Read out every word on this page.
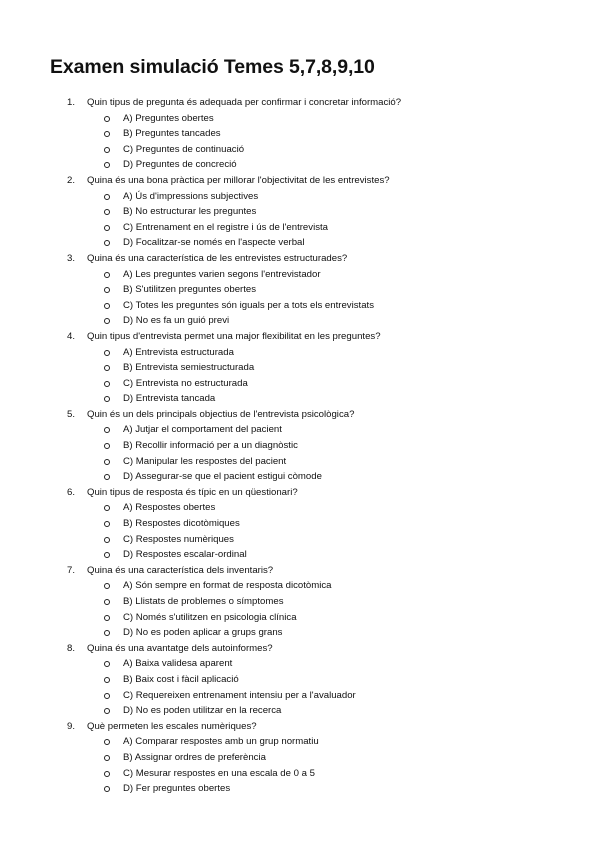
Examen simulació Temes 5,7,8,9,10
1. Quin tipus de pregunta és adequada per confirmar i concretar informació?
A) Preguntes obertes
B) Preguntes tancades
C) Preguntes de continuació
D) Preguntes de concreció
2. Quina és una bona pràctica per millorar l'objectivitat de les entrevistes?
A) Ús d'impressions subjectives
B) No estructurar les preguntes
C) Entrenament en el registre i ús de l'entrevista
D) Focalitzar-se només en l'aspecte verbal
3. Quina és una característica de les entrevistes estructurades?
A) Les preguntes varien segons l'entrevistador
B) S'utilitzen preguntes obertes
C) Totes les preguntes són iguals per a tots els entrevistats
D) No es fa un guió previ
4. Quin tipus d'entrevista permet una major flexibilitat en les preguntes?
A) Entrevista estructurada
B) Entrevista semiestructurada
C) Entrevista no estructurada
D) Entrevista tancada
5. Quin és un dels principals objectius de l'entrevista psicològica?
A) Jutjar el comportament del pacient
B) Recollir informació per a un diagnòstic
C) Manipular les respostes del pacient
D) Assegurar-se que el pacient estigui còmode
6. Quin tipus de resposta és típic en un qüestionari?
A) Respostes obertes
B) Respostes dicotòmiques
C) Respostes numèriques
D) Respostes escalar-ordinal
7. Quina és una característica dels inventaris?
A) Són sempre en format de resposta dicotòmica
B) Llistats de problemes o símptomes
C) Només s'utilitzen en psicologia clínica
D) No es poden aplicar a grups grans
8. Quina és una avantatge dels autoinformes?
A) Baixa validesa aparent
B) Baix cost i fàcil aplicació
C) Requereixen entrenament intensiu per a l'avaluador
D) No es poden utilitzar en la recerca
9. Què permeten les escales numèriques?
A) Comparar respostes amb un grup normatiu
B) Assignar ordres de preferència
C) Mesurar respostes en una escala de 0 a 5
D) Fer preguntes obertes
